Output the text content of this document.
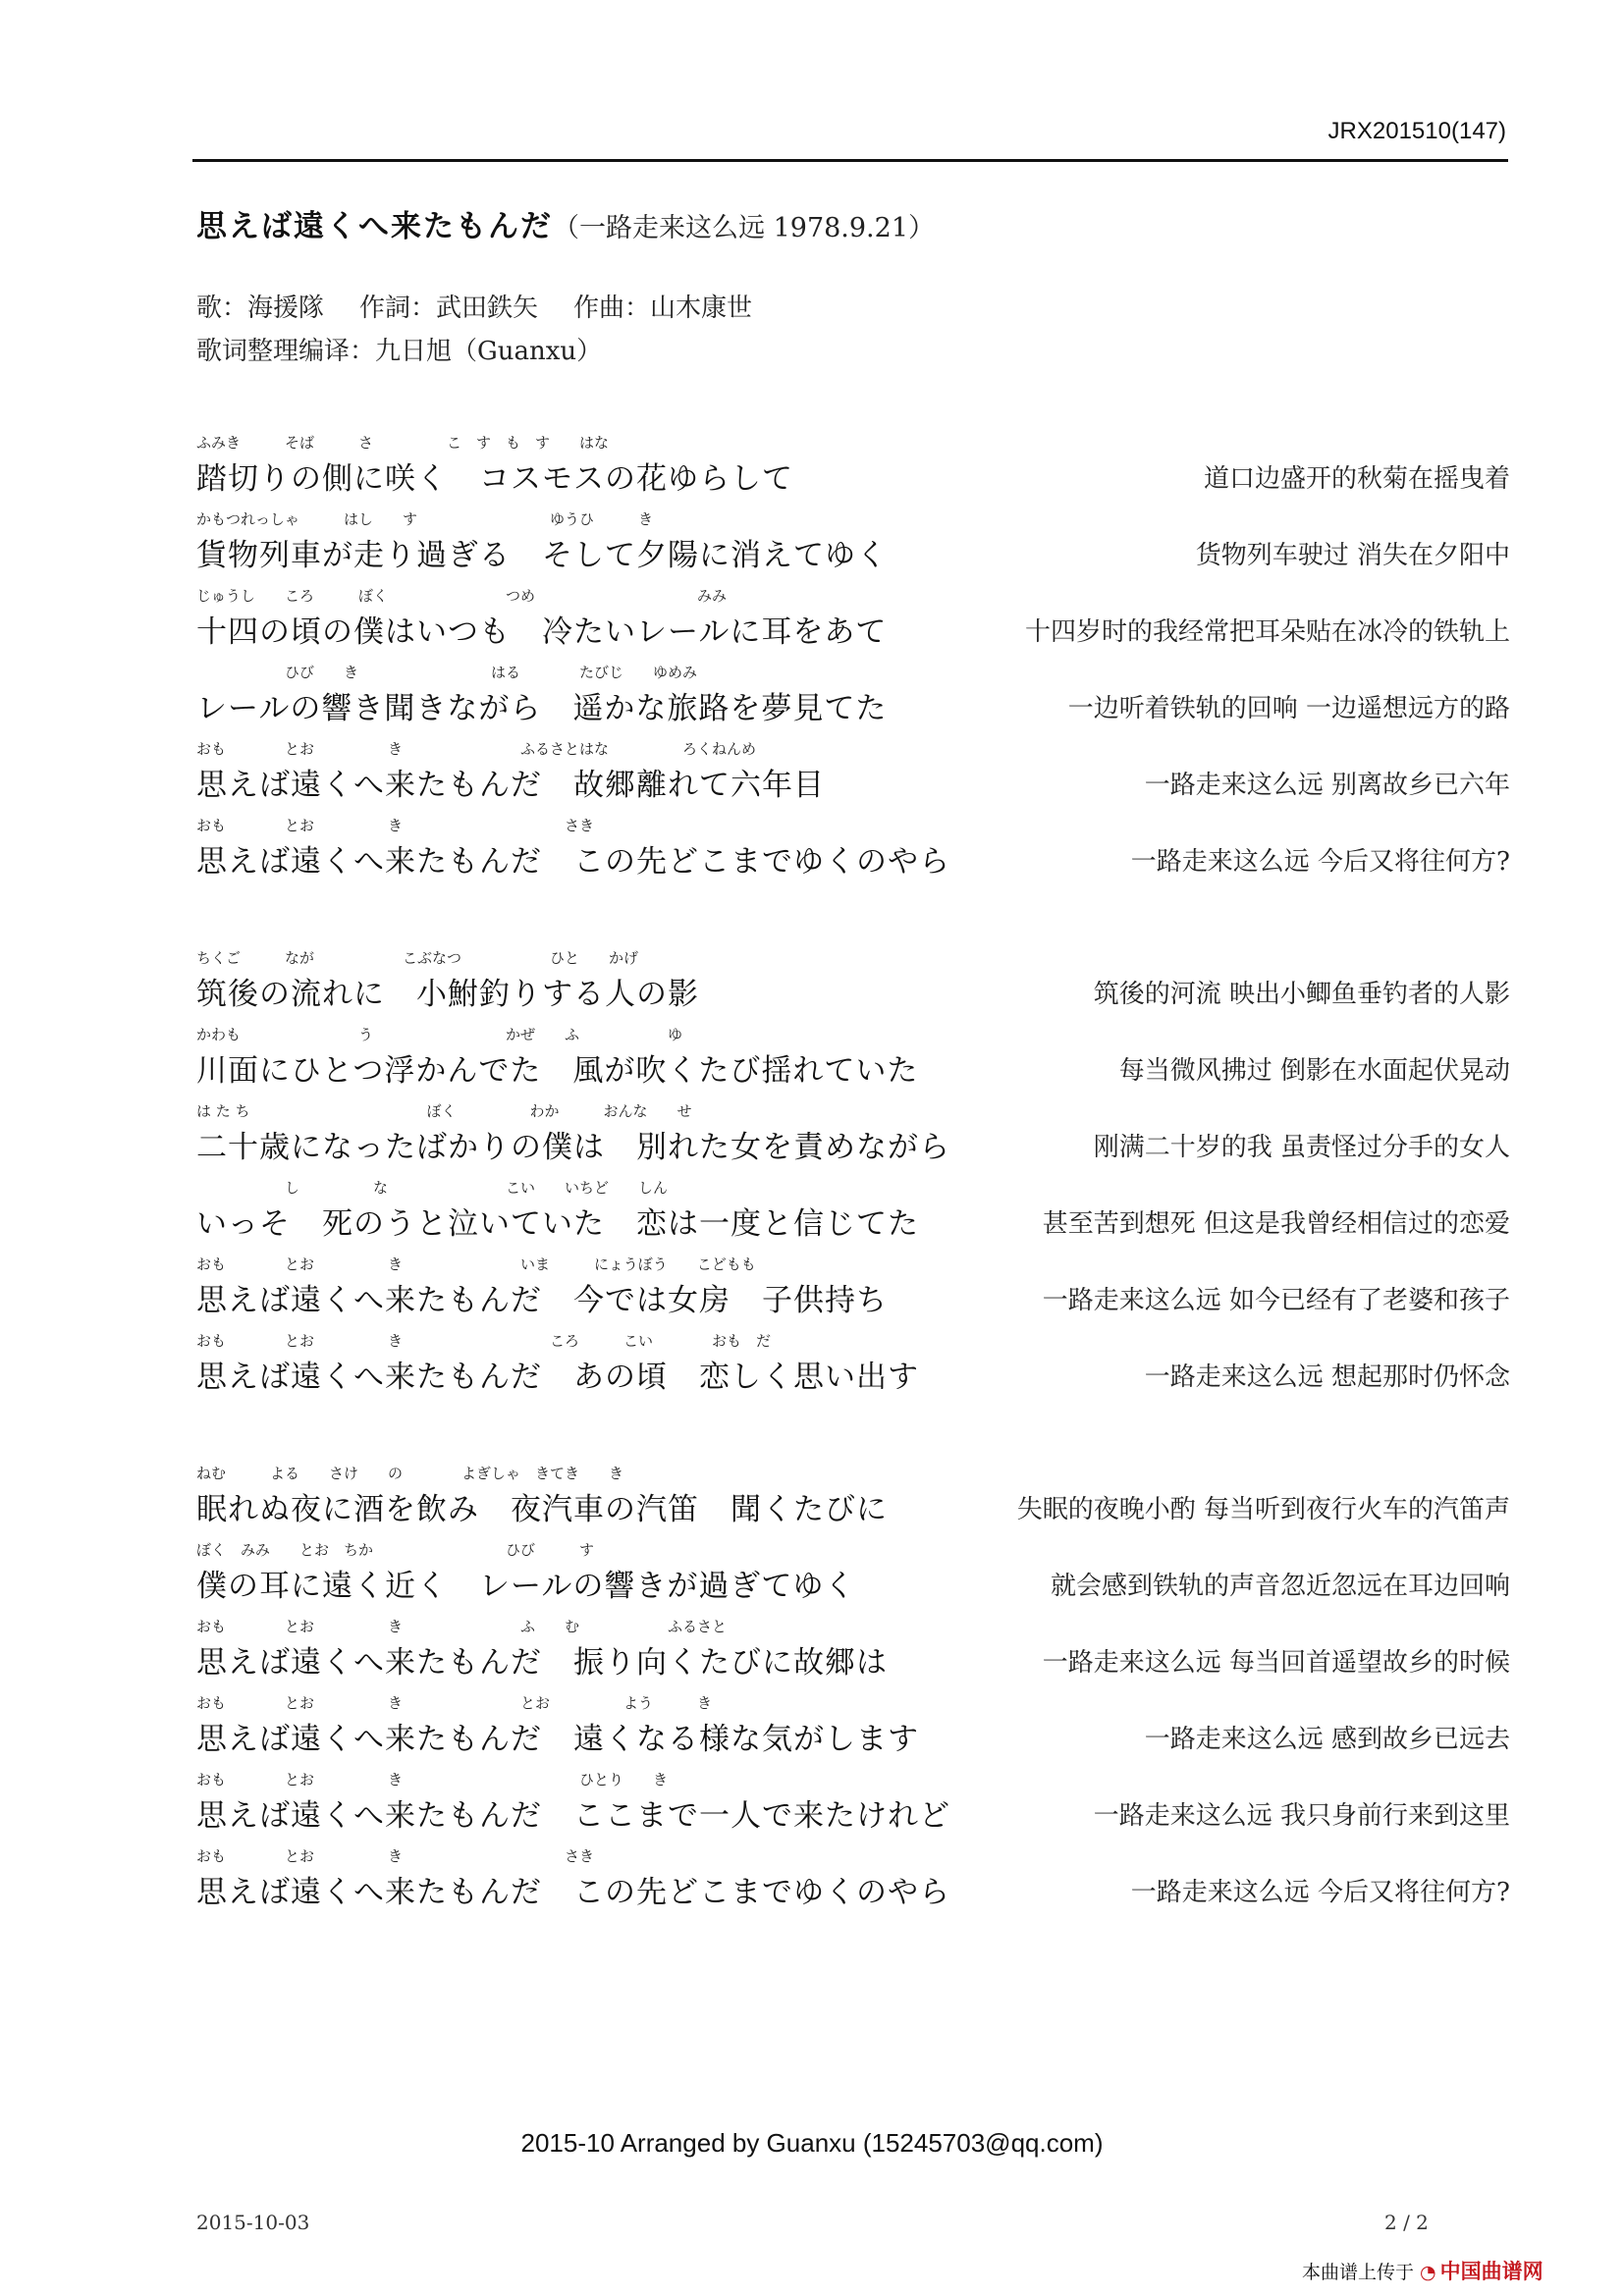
JRX201510(147)
思えば遠くへ来たもんだ（一路走来这么远 1978.9.21）
歌：海援隊 作詞：武田鉄矢 作曲：山木康世
歌词整理编译：九日旭（Guanxu）
ふみき　　　そば　　　さ　　　　　こ　す　も　す　　はな
踏切りの側に咲く　コスモスの花ゆらして	道口边盛开的秋菊在摇曳着
かもつれっしゃ　　　はし　　す　　　　　　　　　ゆうひ　　　き
貨物列車が走り過ぎる　そして夕陽に消えてゆく	货物列车驶过 消失在夕阳中
じゅうし　　ころ　　　ぼく　　　　　　　　つめ　　　　　　　　　　　みみ
十四の頃の僕はいつも　冷たいレールに耳をあて	十四岁时的我经常把耳朵贴在冰冷的铁轨上
　　　　　　ひび　　き　　　　　　　　　はる　　　　たびじ　　ゆめみ
レールの響き聞きながら　遥かな旅路を夢見てた	一边听着铁轨的回响 一边遥想远方的路
おも　　　　とお　　　　　き　　　　　　　　ふるさとはな　　　　　ろくねんめ
思えば遠くへ来たもんだ　故郷離れて六年目	一路走来这么远 别离故乡已六年
おも　　　　とお　　　　　き　　　　　　　　　　　さき
思えば遠くへ来たもんだ　この先どこまでゆくのやら	一路走来这么远 今后又将往何方?
ちくご　　　なが　　　　　　こぶなつ　　　　　　ひと　　かげ
筑後の流れに　小鮒釣りする人の影	筑後的河流 映出小鲫鱼垂钓者的人影
かわも　　　　　　　　う　　　　　　　　　かぜ　　ふ　　　　　　ゆ
川面にひとつ浮かんでた　風が吹くたび揺れていた	每当微风拂过 倒影在水面起伏晃动
は た ち　　　　　　　　　　　　ぼく　　　　　わか　　　おんな　　せ
二十歳になったばかりの僕は　別れた女を責めながら	刚满二十岁的我 虽责怪过分手的女人
　　　　　　し　　　　　な　　　　　　　　こい　　いちど　　しん
いっそ　死のうと泣いていた　恋は一度と信じてた	甚至苦到想死 但这是我曾经相信过的恋爱
おも　　　　とお　　　　　き　　　　　　　　いま　　　にょうぼう　　こどもも
思えば遠くへ来たもんだ　今では女房　子供持ち	一路走来这么远 如今已经有了老婆和孩子
おも　　　　とお　　　　　き　　　　　　　　　　ころ　　　こい　　　　おも　だ
思えば遠くへ来たもんだ　あの頃　恋しく思い出す	一路走来这么远 想起那时仍怀念
ねむ　　　よる　　さけ　　の　　　　よぎしゃ　きてき　　き
眠れぬ夜に酒を飲み　夜汽車の汽笛　聞くたびに	失眠的夜晚小酌 每当听到夜行火车的汽笛声
ぼく　みみ　　とお　ちか　　　　　　　　　ひび　　　す
僕の耳に遠く近く　レールの響きが過ぎてゆく	就会感到铁轨的声音忽近忽远在耳边回响
おも　　　　とお　　　　　き　　　　　　　　ふ　　む　　　　　　ふるさと
思えば遠くへ来たもんだ　振り向くたびに故郷は	一路走来这么远 每当回首遥望故乡的时候
おも　　　　とお　　　　　き　　　　　　　　とお　　　　　よう　　　き
思えば遠くへ来たもんだ　遠くなる様な気がします	一路走来这么远 感到故乡已远去
おも　　　　とお　　　　　き　　　　　　　　　　　　ひとり　　き
思えば遠くへ来たもんだ　ここまで一人で来たけれど	一路走来这么远 我只身前行来到这里
おも　　　　とお　　　　　き　　　　　　　　　　　さき
思えば遠くへ来たもんだ　この先どこまでゆくのやら	一路走来这么远 今后又将往何方?
2015-10 Arranged by Guanxu (15245703@qq.com)
2015-10-03	2 / 2
本曲谱上传于 ◔ 中国曲谱网
